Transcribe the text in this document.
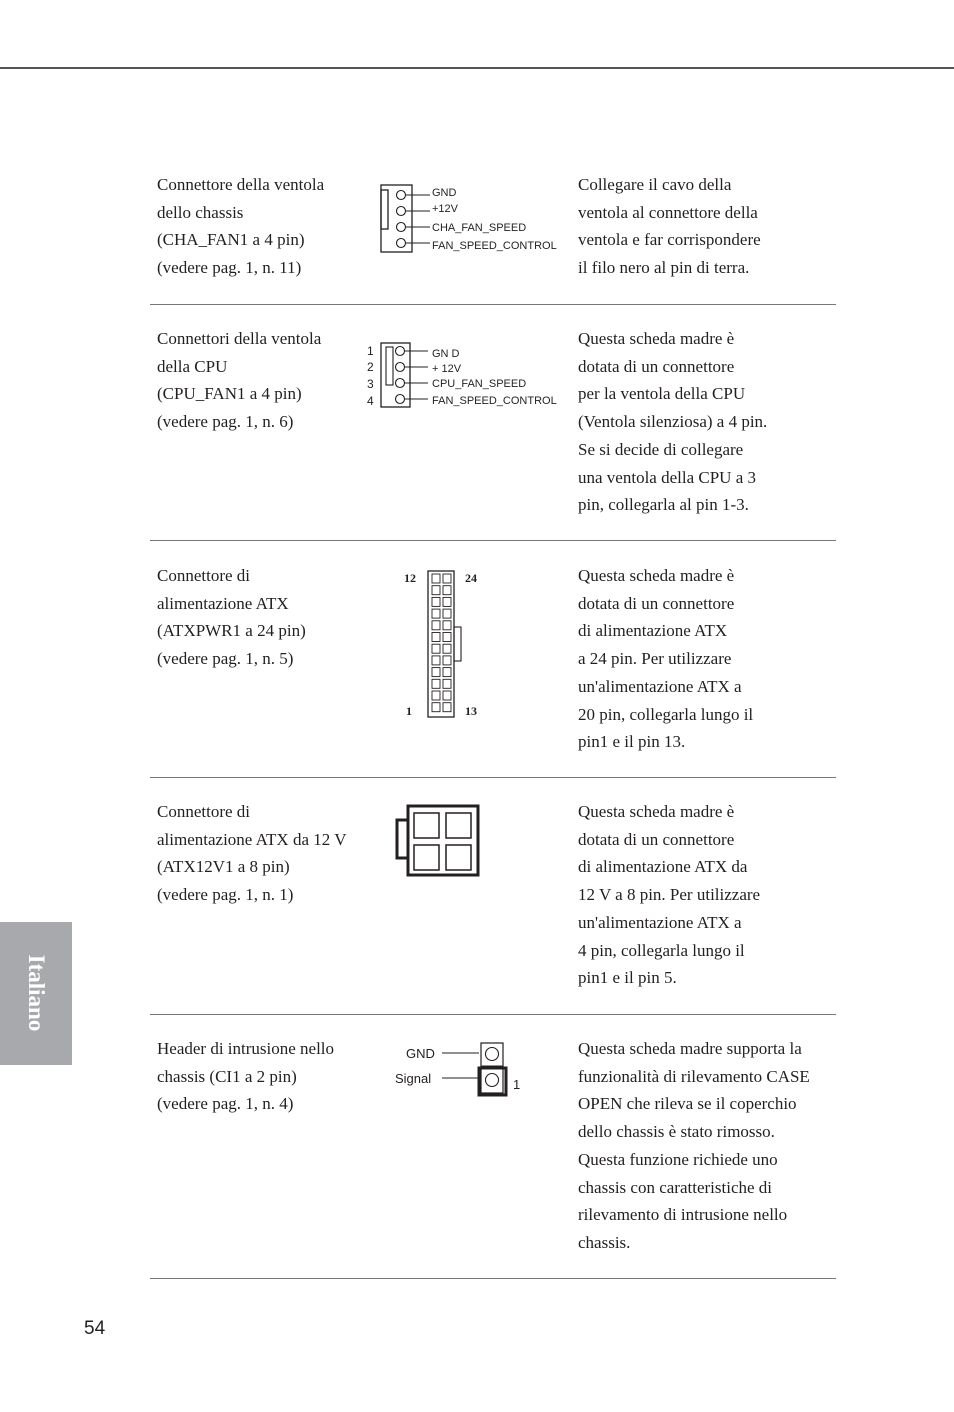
Connettore della ventola
dello chassis
(CHA_FAN1 a 4 pin)
(vedere pag. 1, n. 11)
GND
+12V
CHA_FAN_SPEED
FAN_SPEED_CONTROL
Collegare il cavo della
ventola al connettore della
ventola e far corrispondere
il filo nero al pin di terra.
Connettori della ventola
della CPU
(CPU_FAN1 a 4 pin)
(vedere pag. 1, n. 6)
1
2
3
4
GN D
+ 12V
CPU_FAN_SPEED
FAN_SPEED_CONTROL
Questa scheda madre è
dotata di un connettore
per la ventola della CPU
(Ventola silenziosa) a 4 pin.
Se si decide di collegare
una ventola della CPU a 3
pin, collegarla al pin 1-3.
Connettore di
alimentazione ATX
(ATXPWR1 a 24 pin)
(vedere pag. 1, n. 5)
12	24
1	13
Questa scheda madre è
dotata di un connettore
di alimentazione ATX
a 24 pin. Per utilizzare
un'alimentazione ATX a
20 pin, collegarla lungo il
pin1 e il pin 13.
Connettore di
alimentazione ATX da 12 V
(ATX12V1 a 8 pin)
(vedere pag. 1, n. 1)
Questa scheda madre è
dotata di un connettore
di alimentazione ATX da
12 V a 8 pin. Per utilizzare
un'alimentazione ATX a
4 pin, collegarla lungo il
pin1 e il pin 5.
Header di intrusione nello
chassis (CI1 a 2 pin)
(vedere pag. 1, n. 4)
GND
Signal	1
Questa scheda madre supporta la
funzionalità di rilevamento CASE
OPEN che rileva se il coperchio
dello chassis è stato rimosso.
Questa funzione richiede uno
chassis con caratteristiche di
rilevamento di intrusione nello
chassis.
Italiano
54
